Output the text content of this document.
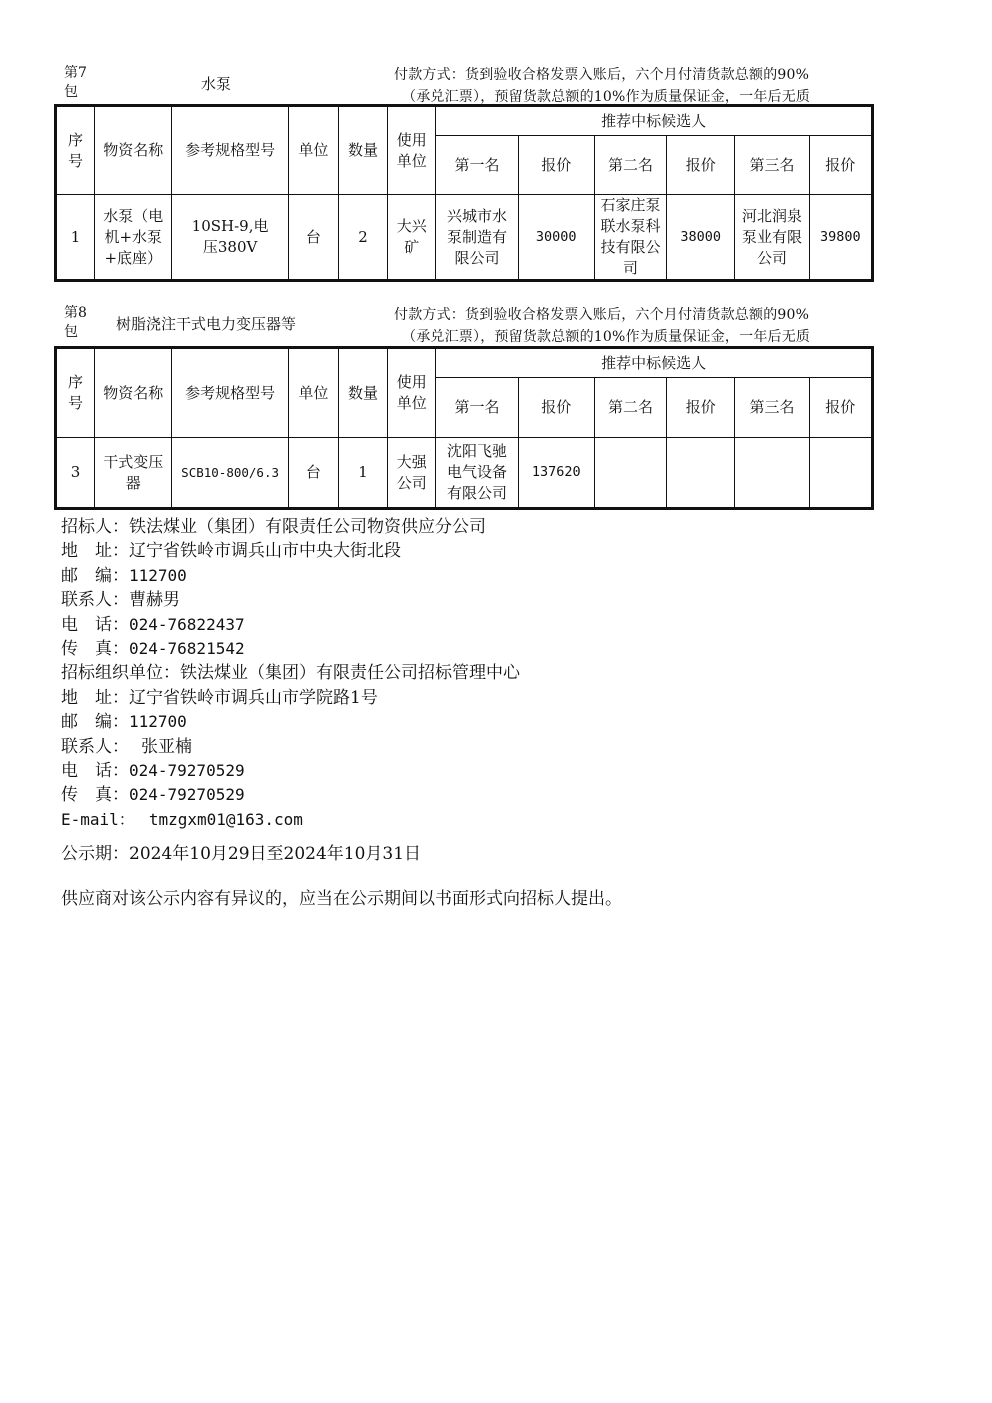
第7
包	水泵	付款方式：货到验收合格发票入账后，六个月付清货款总额的90%
（承兑汇票），预留货款总额的10%作为质量保证金，一年后无质
序号	物资名称	参考规格型号	单位	数量	使用单位	推荐中标候选人					
						第一名	报价	第二名	报价	第三名	报价
1	水泵（电机+水泵+底座）	10SH-9,电压380V	台	2	大兴矿	兴城市水泵制造有限公司	30000	石家庄泵联水泵科技有限公司	38000	河北润泉泵业有限公司	39800
第8
包	树脂浇注干式电力变压器等	付款方式：货到验收合格发票入账后，六个月付清货款总额的90%
（承兑汇票），预留货款总额的10%作为质量保证金，一年后无质
序号	物资名称	参考规格型号	单位	数量	使用单位	推荐中标候选人					
						第一名	报价	第二名	报价	第三名	报价
3	干式变压器	SCB10-800/6.3	台	1	大强公司	沈阳飞驰电气设备有限公司	137620				
招标人：铁法煤业（集团）有限责任公司物资供应分公司
地　址：辽宁省铁岭市调兵山市中央大街北段
邮　编：112700
联系人：曹赫男
电　话：024-76822437
传　真：024-76821542
招标组织单位：铁法煤业（集团）有限责任公司招标管理中心
地　址：辽宁省铁岭市调兵山市学院路1号
邮　编：112700
联系人： 张亚楠
电　话：024-79270529
传　真：024-79270529
E-mail： tmzgxm01@163.com
公示期：2024年10月29日至2024年10月31日
供应商对该公示内容有异议的，应当在公示期间以书面形式向招标人提出。
